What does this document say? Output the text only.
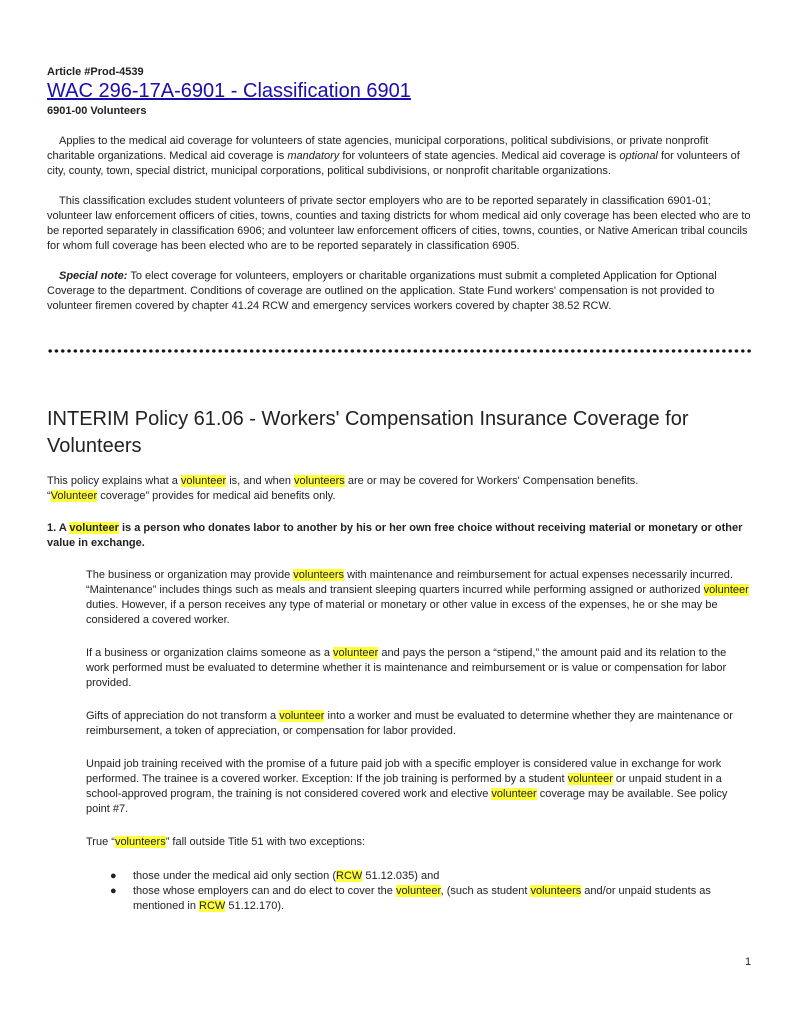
Article #Prod-4539
WAC 296-17A-6901 - Classification 6901
6901-00 Volunteers

Applies to the medical aid coverage for volunteers of state agencies, municipal corporations, political subdivisions, or private nonprofit charitable organizations. Medical aid coverage is mandatory for volunteers of state agencies. Medical aid coverage is optional for volunteers of city, county, town, special district, municipal corporations, political subdivisions, or nonprofit charitable organizations.

This classification excludes student volunteers of private sector employers who are to be reported separately in classification 6901-01; volunteer law enforcement officers of cities, towns, counties and taxing districts for whom medical aid only coverage has been elected who are to be reported separately in classification 6906; and volunteer law enforcement officers of cities, towns, counties, or Native American tribal councils for whom full coverage has been elected who are to be reported separately in classification 6905.

Special note: To elect coverage for volunteers, employers or charitable organizations must submit a completed Application for Optional Coverage to the department. Conditions of coverage are outlined on the application. State Fund workers' compensation is not provided to volunteer firemen covered by chapter 41.24 RCW and emergency services workers covered by chapter 38.52 RCW.

INTERIM Policy 61.06 - Workers' Compensation Insurance Coverage for Volunteers

This policy explains what a volunteer is, and when volunteers are or may be covered for Workers' Compensation benefits.
“Volunteer coverage” provides for medical aid benefits only.

1. A volunteer is a person who donates labor to another by his or her own free choice without receiving material or monetary or other value in exchange.

The business or organization may provide volunteers with maintenance and reimbursement for actual expenses necessarily incurred. “Maintenance” includes things such as meals and transient sleeping quarters incurred while performing assigned or authorized volunteer duties. However, if a person receives any type of material or monetary or other value in excess of the expenses, he or she may be considered a covered worker.

If a business or organization claims someone as a volunteer and pays the person a “stipend,” the amount paid and its relation to the work performed must be evaluated to determine whether it is maintenance and reimbursement or is value or compensation for labor provided.

Gifts of appreciation do not transform a volunteer into a worker and must be evaluated to determine whether they are maintenance or reimbursement, a token of appreciation, or compensation for labor provided.

Unpaid job training received with the promise of a future paid job with a specific employer is considered value in exchange for work performed. The trainee is a covered worker. Exception: If the job training is performed by a student volunteer or unpaid student in a school-approved program, the training is not considered covered work and elective volunteer coverage may be available. See policy point #7.

True “volunteers” fall outside Title 51 with two exceptions:

● those under the medical aid only section (RCW 51.12.035) and
● those whose employers can and do elect to cover the volunteer, (such as student volunteers and/or unpaid students as mentioned in RCW 51.12.170).
1
